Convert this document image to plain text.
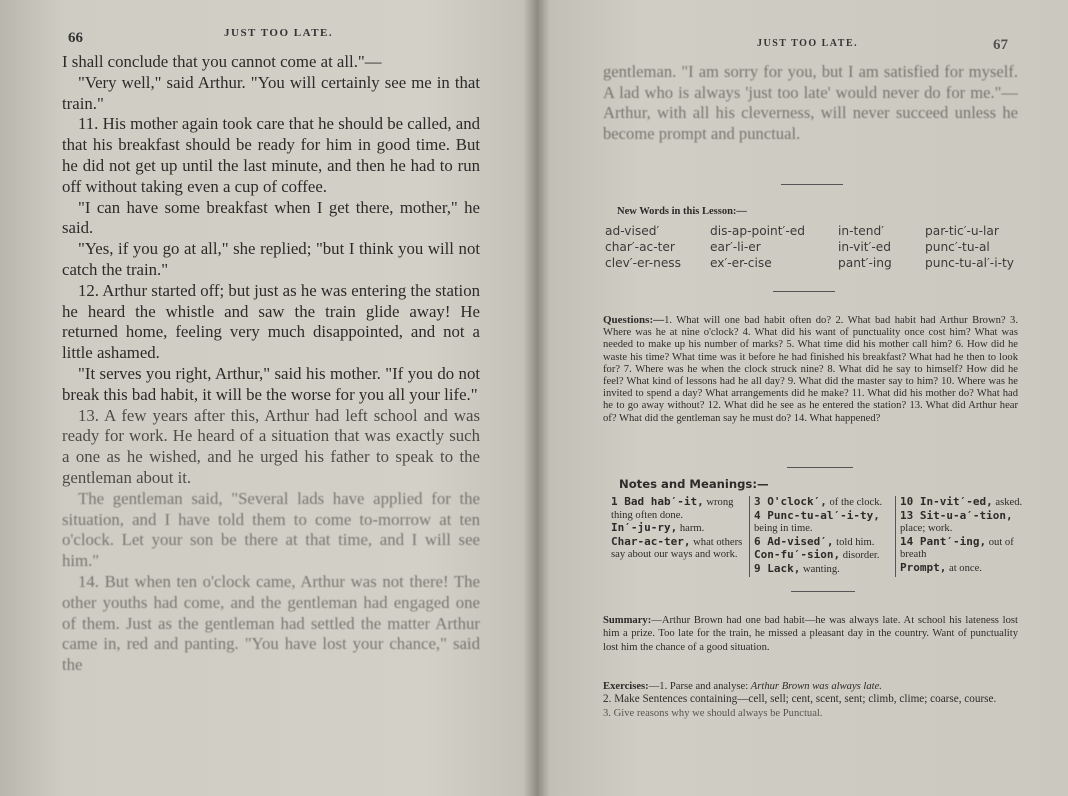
66	JUST TOO LATE.

I shall conclude that you cannot come at all."—

"Very well," said Arthur. "You will certainly see me in that train."

11. His mother again took care that he should be called, and that his breakfast should be ready for him in good time. But he did not get up until the last minute, and then he had to run off without taking even a cup of coffee.

"I can have some breakfast when I get there, mother," he said.

"Yes, if you go at all," she replied; "but I think you will not catch the train."

12. Arthur started off; but just as he was entering the station he heard the whistle and saw the train glide away! He returned home, feeling very much disappointed, and not a little ashamed.

"It serves you right, Arthur," said his mother. "If you do not break this bad habit, it will be the worse for you all your life."

13. A few years after this, Arthur had left school and was ready for work. He heard of a situation that was exactly such a one as he wished, and he urged his father to speak to the gentleman about it.

The gentleman said, "Several lads have applied for the situation, and I have told them to come to-morrow at ten o'clock. Let your son be there at that time, and I will see him."

14. But when ten o'clock came, Arthur was not there! The other youths had come, and the gentleman had engaged one of them. Just as the gentleman had settled the matter Arthur came in, red and panting. "You have lost your chance," said the

JUST TOO LATE.	67
gentleman. "I am sorry for you, but I am satisfied for myself. A lad who is always 'just too late' would never do for me."—Arthur, with all his cleverness, will never succeed unless he become prompt and punctual.
New Words in this Lesson:—
ad-vised′	dis-ap-point′-ed	in-tend′	par-tic′-u-lar
char′-ac-ter	ear′-li-er	in-vit′-ed	punc′-tu-al
clev′-er-ness	ex′-er-cise	pant′-ing	punc-tu-al′-i-ty
Questions:—1. What will one bad habit often do? 2. What bad habit had Arthur Brown? 3. Where was he at nine o'clock? 4. What did his want of punctuality once cost him? What was needed to make up his number of marks? 5. What time did his mother call him? 6. How did he waste his time? What time was it before he had finished his breakfast? What had he then to look for? 7. Where was he when the clock struck nine? 8. What did he say to himself? How did he feel? What kind of lessons had he all day? 9. What did the master say to him? 10. Where was he invited to spend a day? What arrangements did he make? 11. What did his mother do? What had he to go away without? 12. What did he see as he entered the station? 13. What did Arthur hear of? What did the gentleman say he must do? 14. What happened?
Notes and Meanings:—

1 Bad hab′-it, wrong thing often done.

In′-ju-ry, harm.

Char-ac-ter, what others say about our ways and work.

3 O'clock′, of the clock.

4 Punc-tu-al′-i-ty, being in time.

6 Ad-vised′, told him.

Con-fu′-sion, disorder.

9 Lack, wanting.

10 In-vit′-ed, asked.

13 Sit-u-a′-tion, place; work.

14 Pant′-ing, out of breath

Prompt, at once.

Summary:—Arthur Brown had one bad habit—he was always late. At school his lateness lost him a prize. Too late for the train, he missed a pleasant day in the country. Want of punctuality lost him the chance of a good situation.
Exercises:—1. Parse and analyse: Arthur Brown was always late.
2. Make Sentences containing—cell, sell; cent, scent, sent; climb, clime; coarse, course.
3. Give reasons why we should always be Punctual.
